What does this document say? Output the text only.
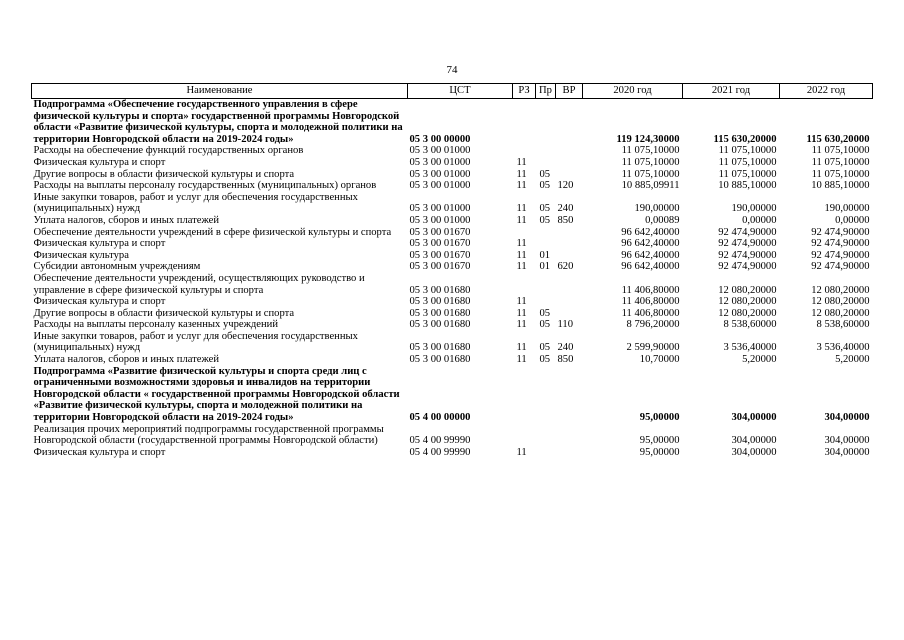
74
Наименование	ЦСТ	РЗ	Пр	ВР	2020 год	2021 год	2022 год
Подпрограмма «Обеспечение государственного управления в сфере физической культуры и спорта» государственной программы Новгородской области «Развитие физической культуры, спорта и молодежной политики на территории Новгородской области на 2019-2024 годы»	05 3 00 00000				119 124,30000	115 630,20000	115 630,20000
Расходы на обеспечение функций государственных органов	05 3 00 01000				11 075,10000	11 075,10000	11 075,10000
Физическая культура и спорт	05 3 00 01000	11			11 075,10000	11 075,10000	11 075,10000
Другие вопросы в области физической культуры и спорта	05 3 00 01000	11	05		11 075,10000	11 075,10000	11 075,10000
Расходы на выплаты персоналу государственных (муниципальных) органов	05 3 00 01000	11	05	120	10 885,09911	10 885,10000	10 885,10000
Иные закупки товаров, работ и услуг для обеспечения государственных (муниципальных) нужд	05 3 00 01000	11	05	240	190,00000	190,00000	190,00000
Уплата налогов, сборов и иных платежей	05 3 00 01000	11	05	850	0,00089	0,00000	0,00000
Обеспечение деятельности учреждений в сфере физической культуры и спорта	05 3 00 01670				96 642,40000	92 474,90000	92 474,90000
Физическая культура и спорт	05 3 00 01670	11			96 642,40000	92 474,90000	92 474,90000
Физическая культура	05 3 00 01670	11	01		96 642,40000	92 474,90000	92 474,90000
Субсидии автономным учреждениям	05 3 00 01670	11	01	620	96 642,40000	92 474,90000	92 474,90000
Обеспечение деятельности учреждений, осуществляющих руководство и управление в сфере физической культуры и спорта	05 3 00 01680				11 406,80000	12 080,20000	12 080,20000
Физическая культура и спорт	05 3 00 01680	11			11 406,80000	12 080,20000	12 080,20000
Другие вопросы в области физической культуры и спорта	05 3 00 01680	11	05		11 406,80000	12 080,20000	12 080,20000
Расходы на выплаты персоналу казенных учреждений	05 3 00 01680	11	05	110	8 796,20000	8 538,60000	8 538,60000
Иные закупки товаров, работ и услуг для обеспечения государственных (муниципальных) нужд	05 3 00 01680	11	05	240	2 599,90000	3 536,40000	3 536,40000
Уплата налогов, сборов и иных платежей	05 3 00 01680	11	05	850	10,70000	5,20000	5,20000
Подпрограмма «Развитие физической культуры и спорта среди лиц с ограниченными возможностями здоровья и инвалидов на территории Новгородской области « государственной программы Новгородской области «Развитие физической культуры, спорта и молодежной политики на территории Новгородской области на 2019-2024 годы»	05 4 00 00000				95,00000	304,00000	304,00000
Реализация прочих мероприятий подпрограммы государственной программы Новгородской области (государственной программы Новгородской области)	05 4 00 99990				95,00000	304,00000	304,00000
Физическая культура и спорт	05 4 00 99990	11			95,00000	304,00000	304,00000
